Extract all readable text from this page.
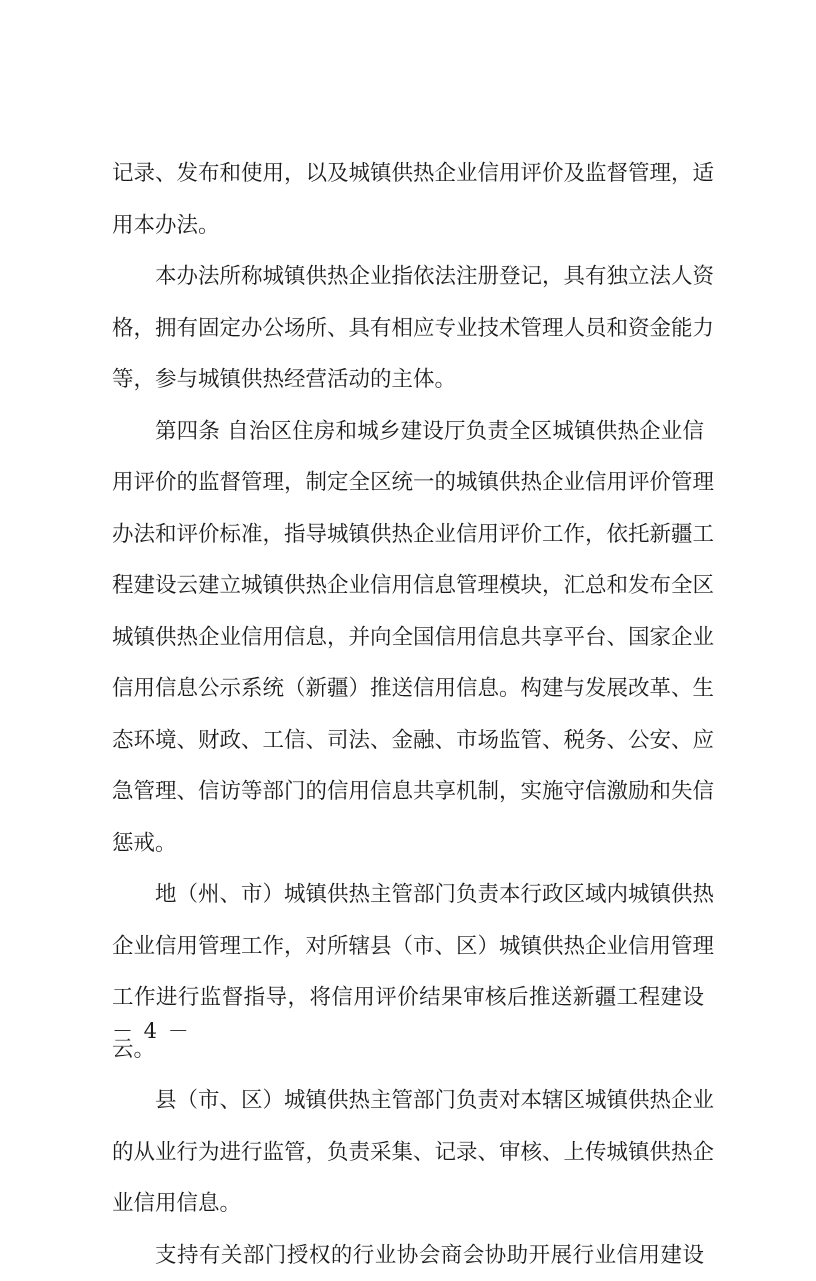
记录、发布和使用，以及城镇供热企业信用评价及监督管理，适
用本办法。
本办法所称城镇供热企业指依法注册登记，具有独立法人资
格，拥有固定办公场所、具有相应专业技术管理人员和资金能力
等，参与城镇供热经营活动的主体。
第四条 自治区住房和城乡建设厅负责全区城镇供热企业信
用评价的监督管理，制定全区统一的城镇供热企业信用评价管理
办法和评价标准，指导城镇供热企业信用评价工作，依托新疆工
程建设云建立城镇供热企业信用信息管理模块，汇总和发布全区
城镇供热企业信用信息，并向全国信用信息共享平台、国家企业
信用信息公示系统（新疆）推送信用信息。构建与发展改革、生
态环境、财政、工信、司法、金融、市场监管、税务、公安、应
急管理、信访等部门的信用信息共享机制，实施守信激励和失信
惩戒。
地（州、市）城镇供热主管部门负责本行政区域内城镇供热
企业信用管理工作，对所辖县（市、区）城镇供热企业信用管理
工作进行监督指导，将信用评价结果审核后推送新疆工程建设
云。
县（市、区）城镇供热主管部门负责对本辖区城镇供热企业
的从业行为进行监管，负责采集、记录、审核、上传城镇供热企
业信用信息。
支持有关部门授权的行业协会商会协助开展行业信用建设
－ 4 －
